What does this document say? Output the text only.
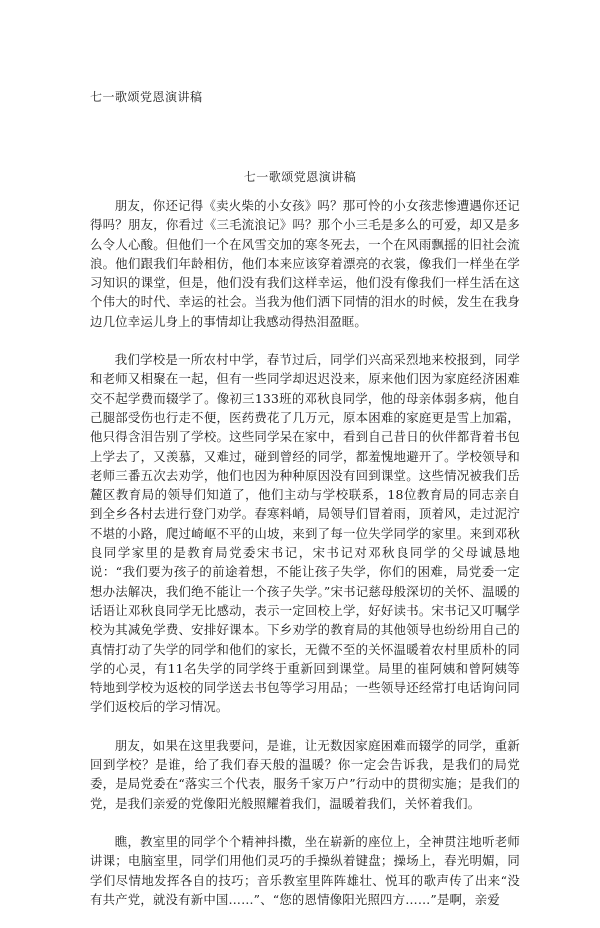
七一歌颂党恩演讲稿
七一歌颂党恩演讲稿

朋友，你还记得《卖火柴的小女孩》吗？那可怜的小女孩悲惨遭遇你还记得吗？朋友，你看过《三毛流浪记》吗？那个小三毛是多么的可爱，却又是多么令人心酸。但他们一个在风雪交加的寒冬死去，一个在风雨飘摇的旧社会流浪。他们跟我们年龄相仿，他们本来应该穿着漂亮的衣裳，像我们一样坐在学习知识的课堂，但是，他们没有我们这样幸运，他们没有像我们一样生活在这个伟大的时代、幸运的社会。当我为他们洒下同情的泪水的时候，发生在我身边几位幸运儿身上的事情却让我感动得热泪盈眶。

我们学校是一所农村中学，春节过后，同学们兴高采烈地来校报到，同学和老师又相聚在一起，但有一些同学却迟迟没来，原来他们因为家庭经济困难交不起学费而辍学了。像初三133班的邓秋良同学，他的母亲体弱多病，他自己腿部受伤也行走不便，医药费花了几万元，原本困难的家庭更是雪上加霜，他只得含泪告别了学校。这些同学呆在家中，看到自己昔日的伙伴都背着书包上学去了，又羡慕，又难过，碰到曾经的同学，都羞愧地避开了。学校领导和老师三番五次去劝学，他们也因为种种原因没有回到课堂。这些情况被我们岳麓区教育局的领导们知道了，他们主动与学校联系，18位教育局的同志亲自到全乡各村去进行登门劝学。春寒料峭，局领导们冒着雨，顶着风，走过泥泞不堪的小路，爬过崎岖不平的山坡，来到了每一位失学同学的家里。来到邓秋良同学家里的是教育局党委宋书记，宋书记对邓秋良同学的父母诚恳地说：“我们要为孩子的前途着想，不能让孩子失学，你们的困难，局党委一定想办法解决，我们绝不能让一个孩子失学。”宋书记慈母般深切的关怀、温暖的话语让邓秋良同学无比感动，表示一定回校上学，好好读书。宋书记又叮嘱学校为其减免学费、安排好课本。下乡劝学的教育局的其他领导也纷纷用自己的真情打动了失学的同学和他们的家长，无微不至的关怀温暖着农村里质朴的同学的心灵，有11名失学的同学终于重新回到课堂。局里的崔阿姨和曾阿姨等特地到学校为返校的同学送去书包等学习用品；一些领导还经常打电话询问同学们返校后的学习情况。

朋友，如果在这里我要问，是谁，让无数因家庭困难而辍学的同学，重新回到学校？是谁，给了我们春天般的温暖？你一定会告诉我，是我们的局党委，是局党委在“落实三个代表，服务千家万户”行动中的贯彻实施；是我们的党，是我们亲爱的党像阳光般照耀着我们，温暖着我们，关怀着我们。

瞧，教室里的同学个个精神抖擞，坐在崭新的座位上，全神贯注地听老师讲课；电脑室里，同学们用他们灵巧的手操纵着键盘；操场上，春光明媚，同学们尽情地发挥各自的技巧；音乐教室里阵阵雄壮、悦耳的歌声传了出来“没有共产党，就没有新中国……”、“您的恩情像阳光照四方……”是啊，亲爱
